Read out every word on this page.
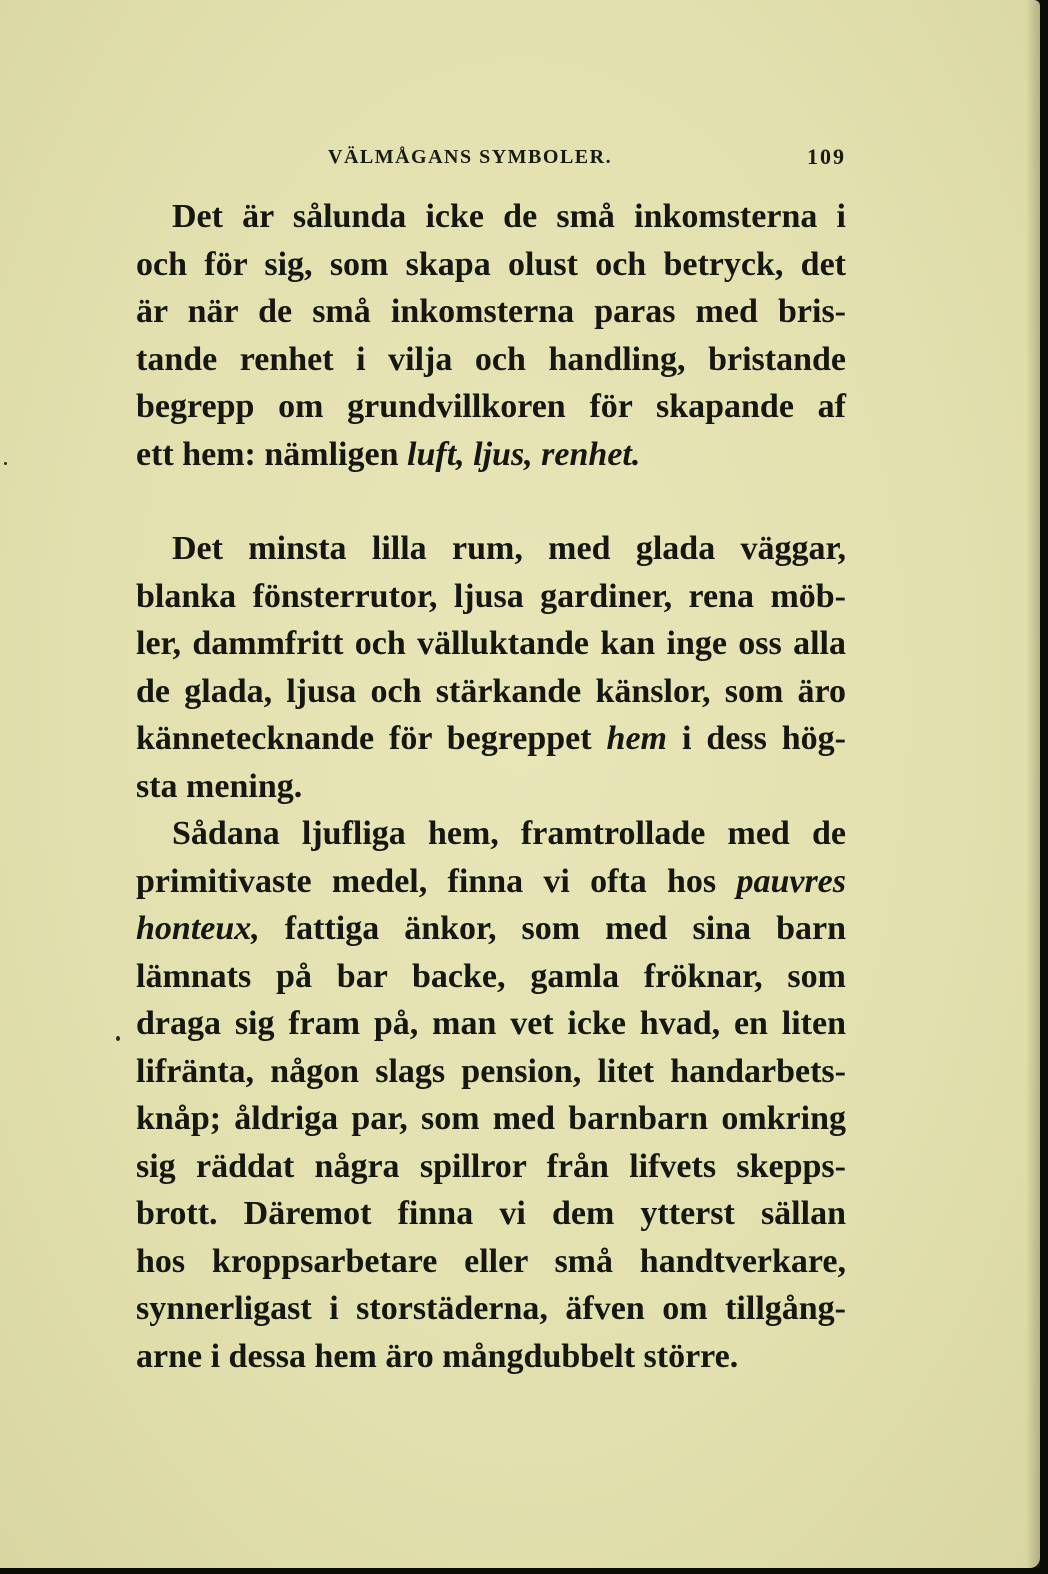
VÄLMÅGANS SYMBOLER.	109
Det är sålunda icke de små inkomsterna i
och för sig, som skapa olust och betryck, det
är när de små inkomsterna paras med bris-
tande renhet i vilja och handling, bristande
begrepp om grundvillkoren för skapande af
ett hem: nämligen luft, ljus, renhet.
Det minsta lilla rum, med glada väggar,
blanka fönsterrutor, ljusa gardiner, rena möb-
ler, dammfritt och välluktande kan inge oss alla
de glada, ljusa och stärkande känslor, som äro
kännetecknande för begreppet hem i dess hög-
sta mening.
Sådana ljufliga hem, framtrollade med de
primitivaste medel, finna vi ofta hos pauvres
honteux, fattiga änkor, som med sina barn
lämnats på bar backe, gamla fröknar, som
draga sig fram på, man vet icke hvad, en liten
lifränta, någon slags pension, litet handarbets-
knåp; åldriga par, som med barnbarn omkring
sig räddat några spillror från lifvets skepps-
brott. Däremot finna vi dem ytterst sällan
hos kroppsarbetare eller små handtverkare,
synnerligast i storstäderna, äfven om tillgång-
arne i dessa hem äro mångdubbelt större.
